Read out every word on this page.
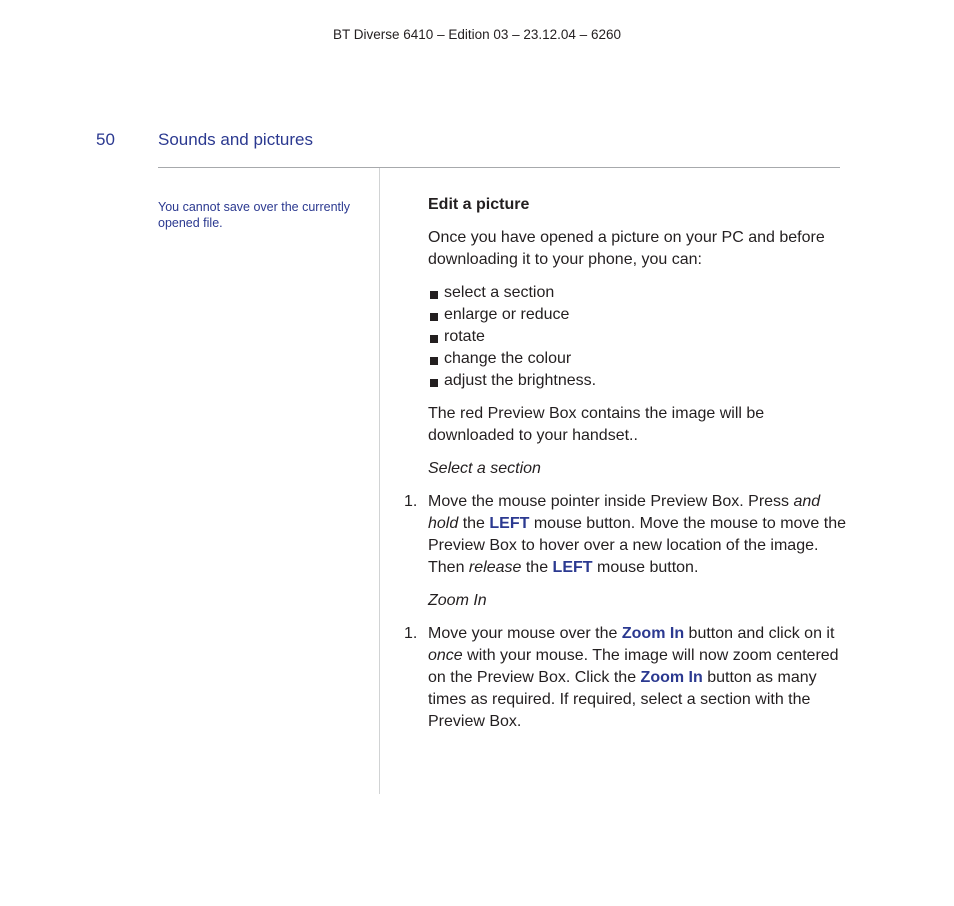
BT Diverse 6410 – Edition 03 – 23.12.04 – 6260
50	Sounds and pictures
You cannot save over the currently opened file.

Edit a picture

Once you have opened a picture on your PC and before downloading it to your phone, you can:

select a section
enlarge or reduce
rotate
change the colour
adjust the brightness.

The red Preview Box contains the image will be downloaded to your handset..

Select a section

1. Move the mouse pointer inside Preview Box. Press and hold the LEFT mouse button. Move the mouse to move the Preview Box to hover over a new location of the image. Then release the LEFT mouse button.

Zoom In

1. Move your mouse over the Zoom In button and click on it once with your mouse. The image will now zoom centered on the Preview Box. Click the Zoom In button as many times as required. If required, select a section with the Preview Box.
